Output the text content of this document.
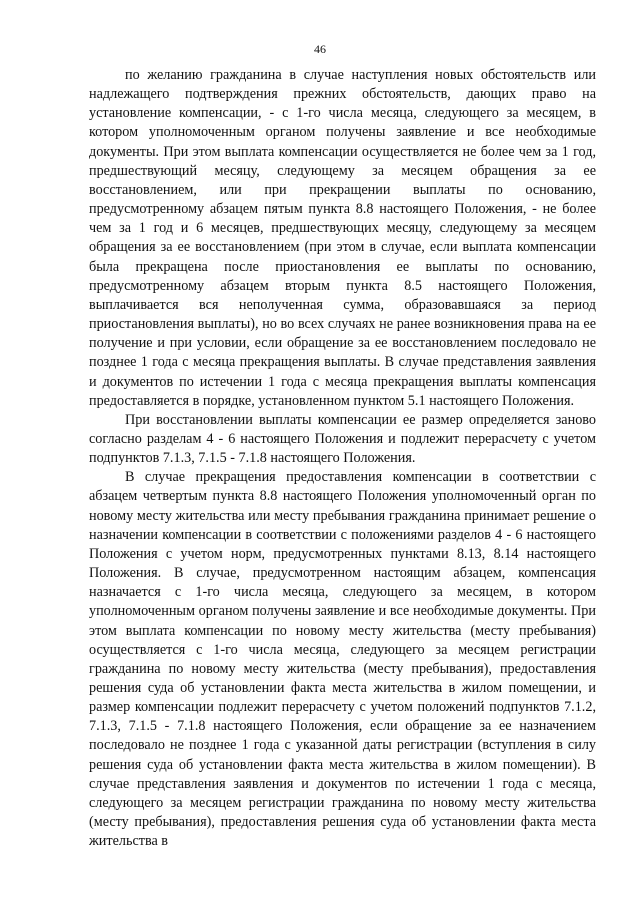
46

по желанию гражданина в случае наступления новых обстоятельств или надлежащего подтверждения прежних обстоятельств, дающих право на установление компенсации, - с 1-го числа месяца, следующего за месяцем, в котором уполномоченным органом получены заявление и все необходимые документы. При этом выплата компенсации осуществляется не более чем за 1 год, предшествующий месяцу, следующему за месяцем обращения за ее восстановлением, или при прекращении выплаты по основанию, предусмотренному абзацем пятым пункта 8.8 настоящего Положения, - не более чем за 1 год и 6 месяцев, предшествующих месяцу, следующему за месяцем обращения за ее восстановлением (при этом в случае, если выплата компенсации была прекращена после приостановления ее выплаты по основанию, предусмотренному абзацем вторым пункта 8.5 настоящего Положения, выплачивается вся неполученная сумма, образовавшаяся за период приостановления выплаты), но во всех случаях не ранее возникновения права на ее получение и при условии, если обращение за ее восстановлением последовало не позднее 1 года с месяца прекращения выплаты. В случае представления заявления и документов по истечении 1 года с месяца прекращения выплаты компенсация предоставляется в порядке, установленном пунктом 5.1 настоящего Положения.

При восстановлении выплаты компенсации ее размер определяется заново согласно разделам 4 - 6 настоящего Положения и подлежит перерасчету с учетом подпунктов 7.1.3, 7.1.5 - 7.1.8 настоящего Положения.

В случае прекращения предоставления компенсации в соответствии с абзацем четвертым пункта 8.8 настоящего Положения уполномоченный орган по новому месту жительства или месту пребывания гражданина принимает решение о назначении компенсации в соответствии с положениями разделов 4 - 6 настоящего Положения с учетом норм, предусмотренных пунктами 8.13, 8.14 настоящего Положения. В случае, предусмотренном настоящим абзацем, компенсация назначается с 1-го числа месяца, следующего за месяцем, в котором уполномоченным органом получены заявление и все необходимые документы. При этом выплата компенсации по новому месту жительства (месту пребывания) осуществляется с 1-го числа месяца, следующего за месяцем регистрации гражданина по новому месту жительства (месту пребывания), предоставления решения суда об установлении факта места жительства в жилом помещении, и размер компенсации подлежит перерасчету с учетом положений подпунктов 7.1.2, 7.1.3, 7.1.5 - 7.1.8 настоящего Положения, если обращение за ее назначением последовало не позднее 1 года с указанной даты регистрации (вступления в силу решения суда об установлении факта места жительства в жилом помещении). В случае представления заявления и документов по истечении 1 года с месяца, следующего за месяцем регистрации гражданина по новому месту жительства (месту пребывания), предоставления решения суда об установлении факта места жительства в
